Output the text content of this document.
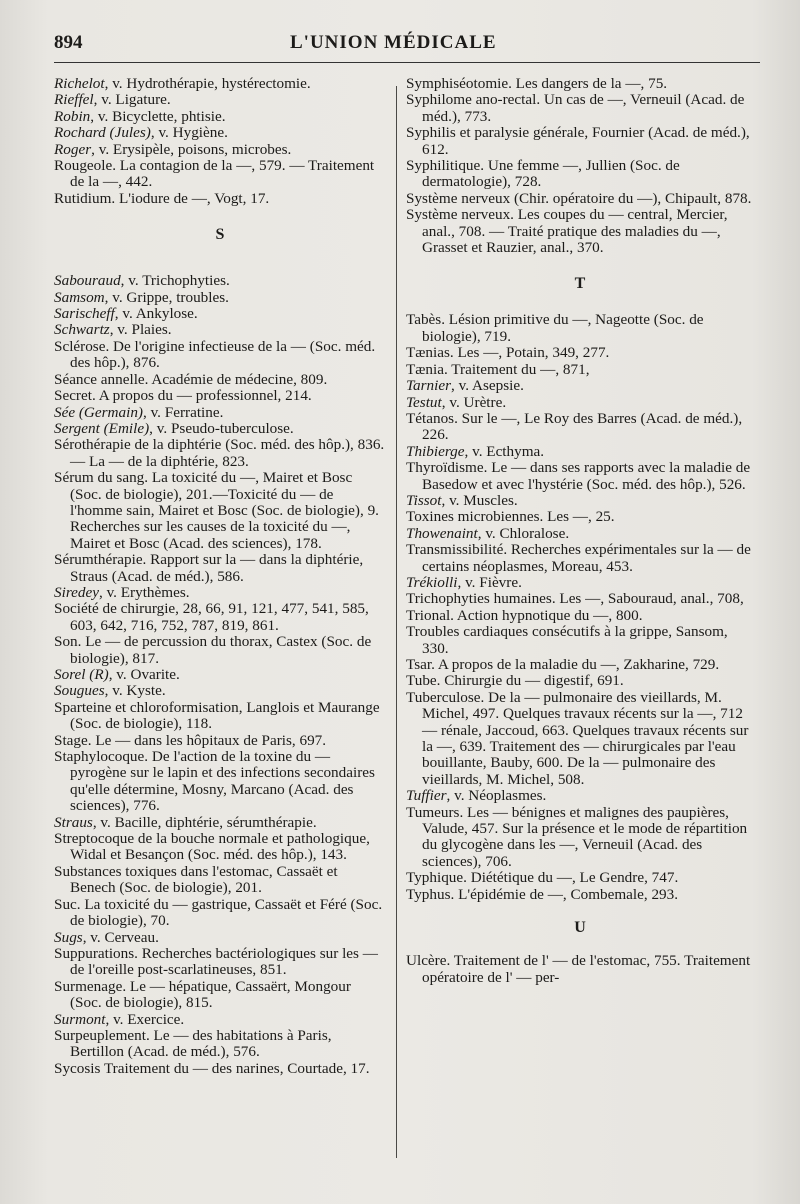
894	L'UNION MÉDICALE

Richelot, v. Hydrothérapie, hystérectomie.

Rieffel, v. Ligature.

Robin, v. Bicyclette, phtisie.

Rochard (Jules), v. Hygiène.

Roger, v. Erysipèle, poisons, microbes.

Rougeole. La contagion de la —, 579. — Traitement de la —, 442.

Rutidium. L'iodure de —, Vogt, 17.

S

Sabouraud, v. Trichophyties.

Samsom, v. Grippe, troubles.

Sarischeff, v. Ankylose.

Schwartz, v. Plaies.

Sclérose. De l'origine infectieuse de la — (Soc. méd. des hôp.), 876.

Séance annelle. Académie de médecine, 809.

Secret. A propos du — professionnel, 214.

Sée (Germain), v. Ferratine.

Sergent (Emile), v. Pseudo-tuberculose.

Sérothérapie de la diphtérie (Soc. méd. des hôp.), 836.— La — de la diphtérie, 823.

Sérum du sang. La toxicité du —, Mairet et Bosc (Soc. de biologie), 201.—Toxicité du — de l'homme sain, Mairet et Bosc (Soc. de biologie), 9. Recherches sur les causes de la toxicité du —, Mairet et Bosc (Acad. des sciences), 178.

Sérumthérapie. Rapport sur la — dans la diphtérie, Straus (Acad. de méd.), 586.

Siredey, v. Erythèmes.

Société de chirurgie, 28, 66, 91, 121, 477, 541, 585, 603, 642, 716, 752, 787, 819, 861.

Son. Le — de percussion du thorax, Castex (Soc. de biologie), 817.

Sorel (R), v. Ovarite.

Sougues, v. Kyste.

Sparteine et chloroformisation, Langlois et Maurange (Soc. de biologie), 118.

Stage. Le — dans les hôpitaux de Paris, 697.

Staphylocoque. De l'action de la toxine du — pyrogène sur le lapin et des infections secondaires qu'elle détermine, Mosny, Marcano (Acad. des sciences), 776.

Straus, v. Bacille, diphtérie, sérumthérapie.

Streptocoque de la bouche normale et pathologique, Widal et Besançon (Soc. méd. des hôp.), 143.

Substances toxiques dans l'estomac, Cassaët et Benech (Soc. de biologie), 201.

Suc. La toxicité du — gastrique, Cassaët et Féré (Soc. de biologie), 70.

Sugs, v. Cerveau.

Suppurations. Recherches bactériologiques sur les — de l'oreille post-scarlatineuses, 851.

Surmenage. Le — hépatique, Cassaërt, Mongour (Soc. de biologie), 815.

Surmont, v. Exercice.

Surpeuplement. Le — des habitations à Paris, Bertillon (Acad. de méd.), 576.

Sycosis Traitement du — des narines, Courtade, 17.

Symphiséotomie. Les dangers de la —, 75.

Syphilome ano-rectal. Un cas de —, Verneuil (Acad. de méd.), 773.

Syphilis et paralysie générale, Fournier (Acad. de méd.), 612.

Syphilitique. Une femme —, Jullien (Soc. de dermatologie), 728.

Système nerveux (Chir. opératoire du —), Chipault, 878.

Système nerveux. Les coupes du — central, Mercier, anal., 708. — Traité pratique des maladies du —, Grasset et Rauzier, anal., 370.

T

Tabès. Lésion primitive du —, Nageotte (Soc. de biologie), 719.

Tænias. Les —, Potain, 349, 277.

Tænia. Traitement du —, 871,

Tarnier, v. Asepsie.

Testut, v. Urètre.

Tétanos. Sur le —, Le Roy des Barres (Acad. de méd.), 226.

Thibierge, v. Ecthyma.

Thyroïdisme. Le — dans ses rapports avec la maladie de Basedow et avec l'hystérie (Soc. méd. des hôp.), 526.

Tissot, v. Muscles.

Toxines microbiennes. Les —, 25.

Thowenaint, v. Chloralose.

Transmissibilité. Recherches expérimentales sur la — de certains néoplasmes, Moreau, 453.

Trékiolli, v. Fièvre.

Trichophyties humaines. Les —, Sabouraud, anal., 708,

Trional. Action hypnotique du —, 800.

Troubles cardiaques consécutifs à la grippe, Sansom, 330.

Tsar. A propos de la maladie du —, Zakharine, 729.

Tube. Chirurgie du — digestif, 691.

Tuberculose. De la — pulmonaire des vieillards, M. Michel, 497. Quelques travaux récents sur la —, 712 — rénale, Jaccoud, 663. Quelques travaux récents sur la —, 639. Traitement des — chirurgicales par l'eau bouillante, Bauby, 600. De la — pulmonaire des vieillards, M. Michel, 508.

Tuffier, v. Néoplasmes.

Tumeurs. Les — bénignes et malignes des paupières, Valude, 457. Sur la présence et le mode de répartition du glycogène dans les —, Verneuil (Acad. des sciences), 706.

Typhique. Diététique du —, Le Gendre, 747.

Typhus. L'épidémie de —, Combemale, 293.

U

Ulcère. Traitement de l' — de l'estomac, 755. Traitement opératoire de l' — per-
